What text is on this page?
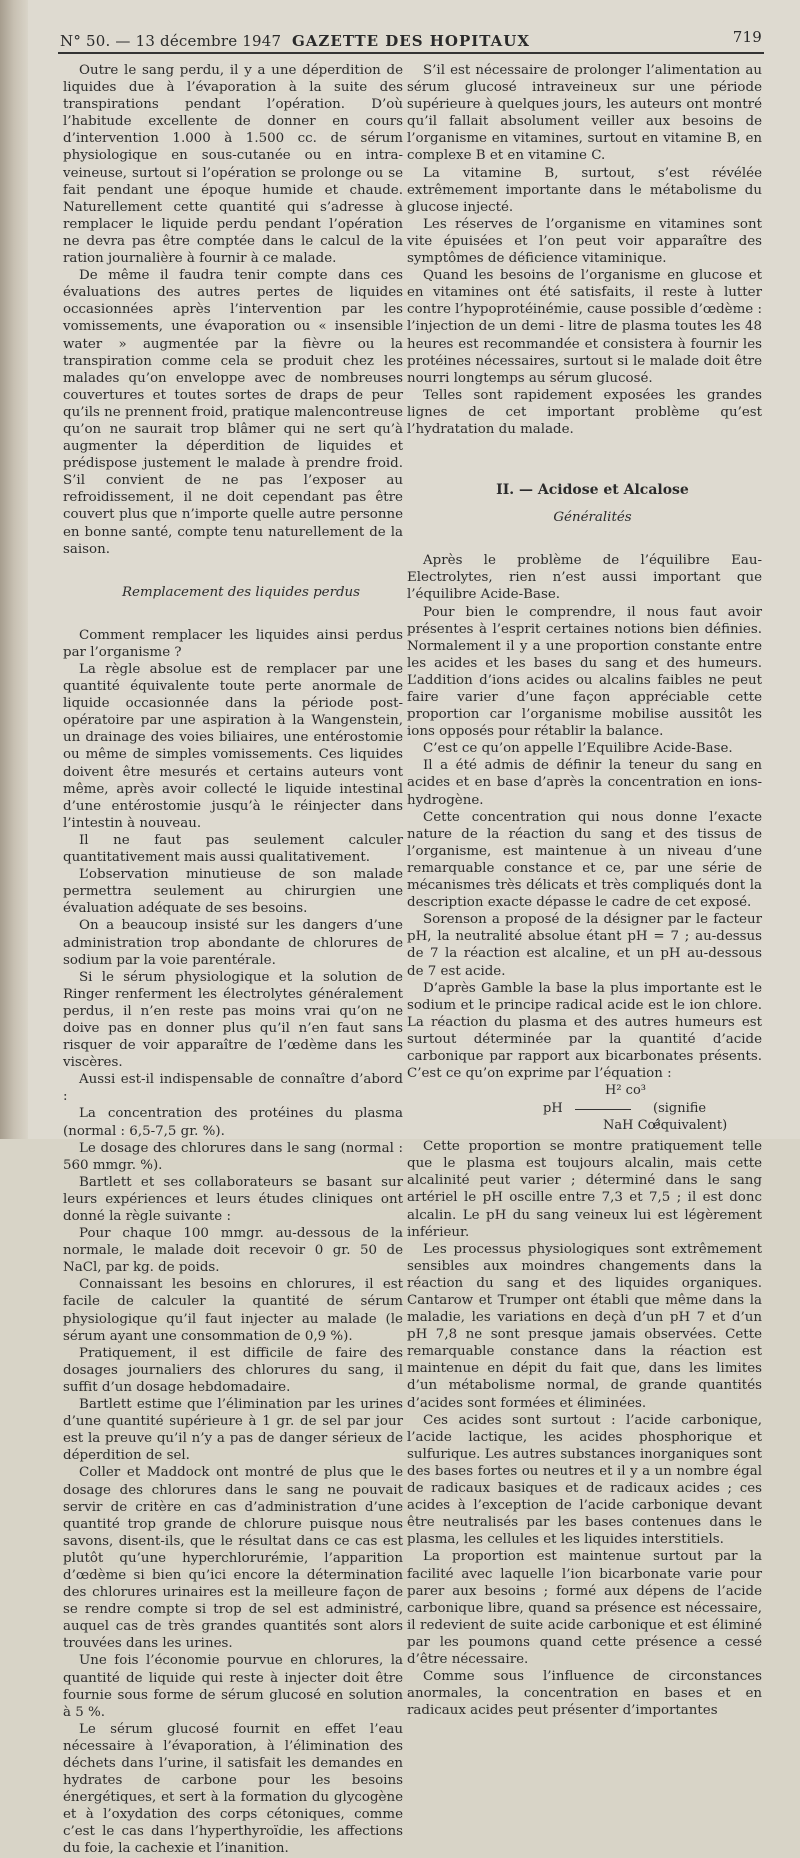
N° 50. — 13 décembre 1947 GAZETTE DES HOPITAUX	719

Outre le sang perdu, il y a une déperdition de liquides due à l’évaporation à la suite des transpirations pendant l’opération. D’où l’habitude excellente de donner en cours d’intervention 1.000 à 1.500 cc. de sérum physiologique en sous-cutanée ou en intra-veineuse, surtout si l’opération se prolonge ou se fait pendant une époque humide et chaude. Naturellement cette quantité qui s’adresse à remplacer le liquide perdu pendant l’opération ne devra pas être comptée dans le calcul de la ration journalière à fournir à ce malade.

De même il faudra tenir compte dans ces évaluations des autres pertes de liquides occasionnées après l’intervention par les vomissements, une évaporation ou « insensible water » augmentée par la fièvre ou la transpiration comme cela se produit chez les malades qu’on enveloppe avec de nombreuses couvertures et toutes sortes de draps de peur qu’ils ne prennent froid, pratique malencontreuse qu’on ne saurait trop blâmer qui ne sert qu’à augmenter la déperdition de liquides et prédispose justement le malade à prendre froid. S’il convient de ne pas l’exposer au refroidissement, il ne doit cependant pas être couvert plus que n’importe quelle autre personne en bonne santé, compte tenu naturellement de la saison.

Remplacement des liquides perdus

Comment remplacer les liquides ainsi perdus par l’organisme ?

La règle absolue est de remplacer par une quantité équivalente toute perte anormale de liquide occasionnée dans la période post-opératoire par une aspiration à la Wangenstein, un drainage des voies biliaires, une entérostomie ou même de simples vomissements. Ces liquides doivent être mesurés et certains auteurs vont même, après avoir collecté le liquide intestinal d’une entérostomie jusqu’à le réinjecter dans l’intestin à nouveau.

Il ne faut pas seulement calculer quantitativement mais aussi qualitativement.

L’observation minutieuse de son malade permettra seulement au chirurgien une évaluation adéquate de ses besoins.

On a beaucoup insisté sur les dangers d’une administration trop abondante de chlorures de sodium par la voie parentérale.

Si le sérum physiologique et la solution de Ringer renferment les électrolytes généralement perdus, il n’en reste pas moins vrai qu’on ne doive pas en donner plus qu’il n’en faut sans risquer de voir apparaître de l’œdème dans les viscères.

Aussi est-il indispensable de connaître d’abord :

La concentration des protéines du plasma (normal : 6,5-7,5 gr. %).

Le dosage des chlorures dans le sang (normal : 560 mmgr. %).

Bartlett et ses collaborateurs se basant sur leurs expériences et leurs études cliniques ont donné la règle suivante :

Pour chaque 100 mmgr. au-dessous de la normale, le malade doit recevoir 0 gr. 50 de NaCl, par kg. de poids.

Connaissant les besoins en chlorures, il est facile de calculer la quantité de sérum physiologique qu’il faut injecter au malade (le sérum ayant une consommation de 0,9 %).

Pratiquement, il est difficile de faire des dosages journaliers des chlorures du sang, il suffit d’un dosage hebdomadaire.

Bartlett estime que l’élimination par les urines d’une quantité supérieure à 1 gr. de sel par jour est la preuve qu’il n’y a pas de danger sérieux de déperdition de sel.

Coller et Maddock ont montré de plus que le dosage des chlorures dans le sang ne pouvait servir de critère en cas d’administration d’une quantité trop grande de chlorure puisque nous savons, disent-ils, que le résultat dans ce cas est plutôt qu’une hyperchlorurémie, l’apparition d’œdème si bien qu’ici encore la détermination des chlorures urinaires est la meilleure façon de se rendre compte si trop de sel est administré, auquel cas de très grandes quantités sont alors trouvées dans les urines.

Une fois l’économie pourvue en chlorures, la quantité de liquide qui reste à injecter doit être fournie sous forme de sérum glucosé en solution à 5 %.

Le sérum glucosé fournit en effet l’eau nécessaire à l’évaporation, à l’élimination des déchets dans l’urine, il satisfait les demandes en hydrates de carbone pour les besoins énergétiques, et sert à la formation du glycogène et à l’oxydation des corps cétoniques, comme c’est le cas dans l’hyperthyroïdie, les affections du foie, la cachexie et l’inanition.

S’il est nécessaire de prolonger l’alimentation au sérum glucosé intraveineux sur une période supérieure à quelques jours, les auteurs ont montré qu’il fallait absolument veiller aux besoins de l’organisme en vitamines, surtout en vitamine B, en complexe B et en vitamine C.

La vitamine B, surtout, s’est révélée extrêmement importante dans le métabolisme du glucose injecté.

Les réserves de l’organisme en vitamines sont vite épuisées et l’on peut voir apparaître des symptômes de déficience vitaminique.

Quand les besoins de l’organisme en glucose et en vitamines ont été satisfaits, il reste à lutter contre l’hypoprotéinémie, cause possible d’œdème : l’injection de un demi - litre de plasma toutes les 48 heures est recommandée et consistera à fournir les protéines nécessaires, surtout si le malade doit être nourri longtemps au sérum glucosé.

Telles sont rapidement exposées les grandes lignes de cet important problème qu’est l’hydratation du malade.

II. — Acidose et Alcalose

Généralités

Après le problème de l’équilibre Eau-Electrolytes, rien n’est aussi important que l’équilibre Acide-Base.

Pour bien le comprendre, il nous faut avoir présentes à l’esprit certaines notions bien définies. Normalement il y a une proportion constante entre les acides et les bases du sang et des humeurs. L’addition d’ions acides ou alcalins faibles ne peut faire varier d’une façon appréciable cette proportion car l’organisme mobilise aussitôt les ions opposés pour rétablir la balance.

C’est ce qu’on appelle l’Equilibre Acide-Base.

Il a été admis de définir la teneur du sang en acides et en base d’après la concentration en ions-hydrogène.

Cette concentration qui nous donne l’exacte nature de la réaction du sang et des tissus de l’organisme, est maintenue à un niveau d’une remarquable constance et ce, par une série de mécanismes très délicats et très compliqués dont la description exacte dépasse le cadre de cet exposé.

Sorenson a proposé de la désigner par le facteur pH, la neutralité absolue étant pH = 7 ; au-dessus de 7 la réaction est alcaline, et un pH au-dessous de 7 est acide.

D’après Gamble la base la plus importante est le sodium et le principe radical acide est le ion chlore. La réaction du plasma et des autres humeurs est surtout déterminée par la quantité d’acide carbonique par rapport aux bicarbonates présents. C’est ce qu’on exprime par l’équation :

H² co³
pH
NaH Co³
(signifie équivalent)

Cette proportion se montre pratiquement telle que le plasma est toujours alcalin, mais cette alcalinité peut varier ; déterminé dans le sang artériel le pH oscille entre 7,3 et 7,5 ; il est donc alcalin. Le pH du sang veineux lui est légèrement inférieur.

Les processus physiologiques sont extrêmement sensibles aux moindres changements dans la réaction du sang et des liquides organiques. Cantarow et Trumper ont établi que même dans la maladie, les variations en deçà d’un pH 7 et d’un pH 7,8 ne sont presque jamais observées. Cette remarquable constance dans la réaction est maintenue en dépit du fait que, dans les limites d’un métabolisme normal, de grande quantités d’acides sont formées et éliminées.

Ces acides sont surtout : l’acide carbonique, l’acide lactique, les acides phosphorique et sulfurique. Les autres substances inorganiques sont des bases fortes ou neutres et il y a un nombre égal de radicaux basiques et de radicaux acides ; ces acides à l’exception de l’acide carbonique devant être neutralisés par les bases contenues dans le plasma, les cellules et les liquides interstitiels.

La proportion est maintenue surtout par la facilité avec laquelle l’ion bicarbonate varie pour parer aux besoins ; formé aux dépens de l’acide carbonique libre, quand sa présence est nécessaire, il redevient de suite acide carbonique et est éliminé par les poumons quand cette présence a cessé d’être nécessaire.

Comme sous l’influence de circonstances anormales, la concentration en bases et en radicaux acides peut présenter d’importantes
